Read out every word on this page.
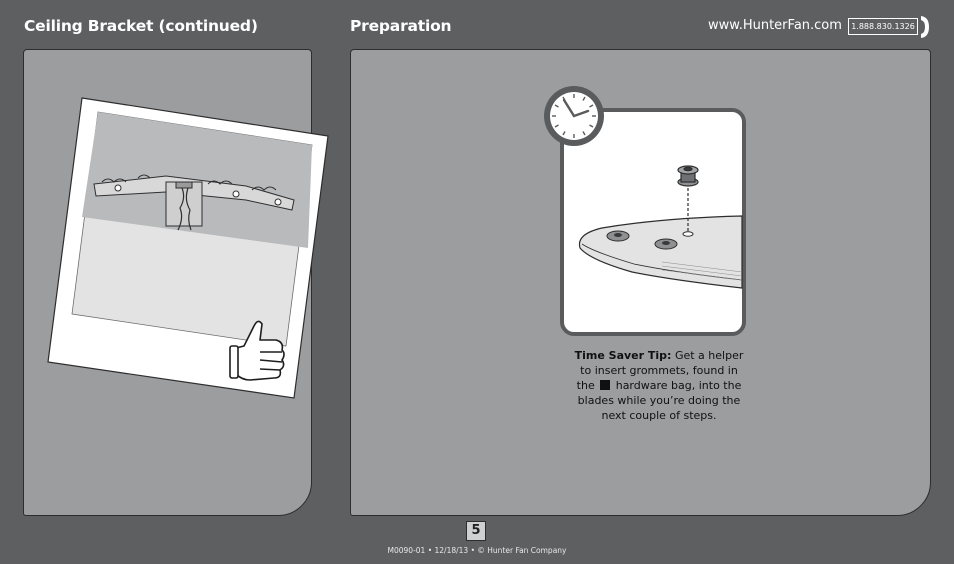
Ceiling Bracket (continued)	Preparation	www.HunterFan.com	1.888.830.1326
Time Saver Tip: Get a helper
to insert grommets, found in
the hardware bag, into the
blades while you’re doing the
next couple of steps.
5
M0090-01 • 12/18/13 • © Hunter Fan Company
